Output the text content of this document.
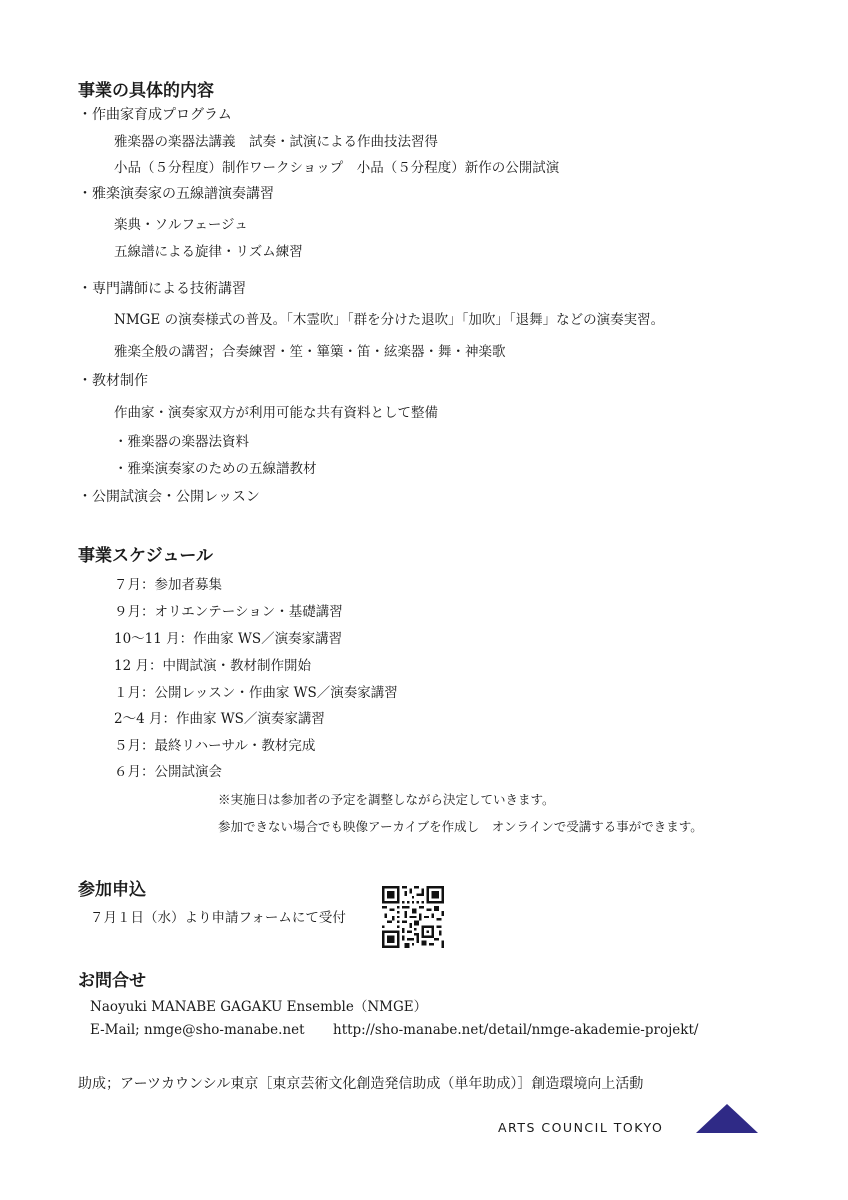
事業の具体的内容
・作曲家育成プログラム
雅楽器の楽器法講義　試奏・試演による作曲技法習得
小品（５分程度）制作ワークショップ　小品（５分程度）新作の公開試演
・雅楽演奏家の五線譜演奏講習
楽典・ソルフェージュ
五線譜による旋律・リズム練習
・専門講師による技術講習
NMGE の演奏様式の普及。「木霊吹」「群を分けた退吹」「加吹」「退舞」などの演奏実習。
雅楽全般の講習；合奏練習・笙・篳篥・笛・絃楽器・舞・神楽歌
・教材制作
作曲家・演奏家双方が利用可能な共有資料として整備
・雅楽器の楽器法資料
・雅楽演奏家のための五線譜教材
・公開試演会・公開レッスン
事業スケジュール
７月：参加者募集
９月：オリエンテーション・基礎講習
10〜11 月：作曲家 WS／演奏家講習
12 月：中間試演・教材制作開始
１月：公開レッスン・作曲家 WS／演奏家講習
2〜4 月：作曲家 WS／演奏家講習
５月：最終リハーサル・教材完成
６月：公開試演会
※実施日は参加者の予定を調整しながら決定していきます。
参加できない場合でも映像アーカイブを作成し　オンラインで受講する事ができます。
参加申込
７月１日（水）より申請フォームにて受付
お問合せ
Naoyuki MANABE GAGAKU Ensemble（NMGE）
E-Mail; nmge@sho-manabe.net http://sho-manabe.net/detail/nmge-akademie-projekt/
助成；アーツカウンシル東京［東京芸術文化創造発信助成（単年助成）］創造環境向上活動
ARTS COUNCIL TOKYO
